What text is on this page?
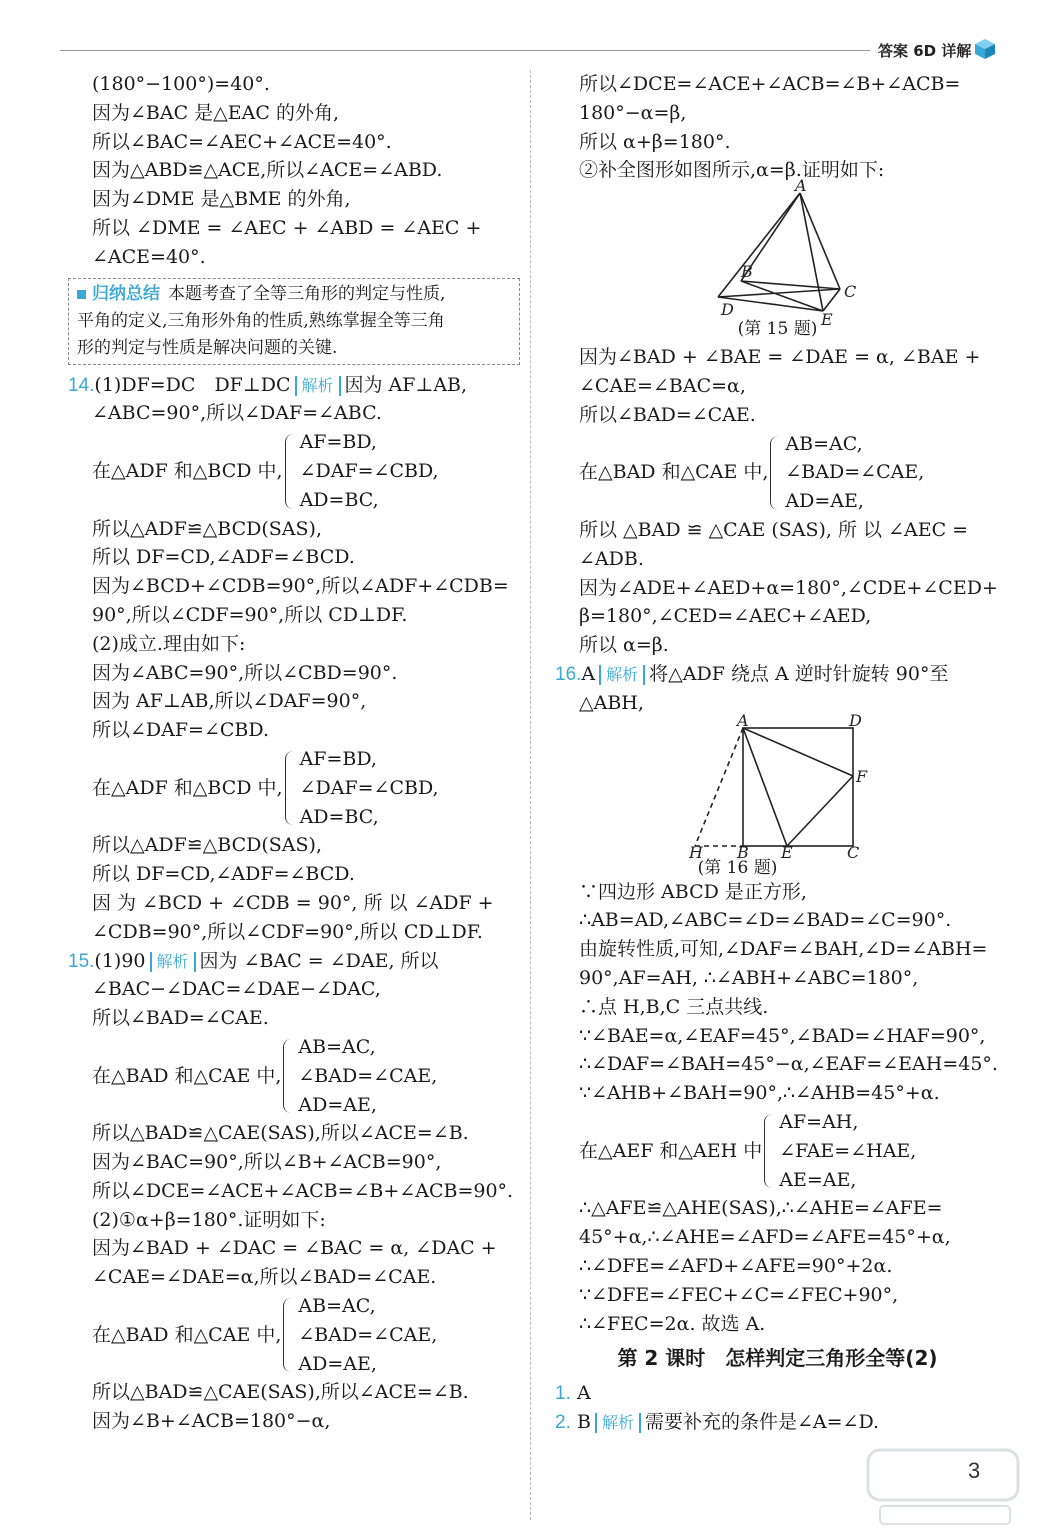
答案 6D 详解
(180°−100°)=40°.
因为∠BAC 是△EAC 的外角,
所以∠BAC=∠AEC+∠ACE=40°.
因为△ABD≌△ACE,所以∠ACE=∠ABD.
因为∠DME 是△BME 的外角,
所以 ∠DME = ∠AEC + ∠ABD = ∠AEC +
∠ACE=40°.
归纳总结 本题考查了全等三角形的判定与性质,
平角的定义,三角形外角的性质,熟练掌握全等三角
形的判定与性质是解决问题的关键.
14.(1)DF=DC　DF⊥DC 解析 因为 AF⊥AB,
∠ABC=90°,所以∠DAF=∠ABC.
在△ADF 和△BCD 中,
AF=BD,
∠DAF=∠CBD,
AD=BC,
所以△ADF≌△BCD(SAS),
所以 DF=CD,∠ADF=∠BCD.
因为∠BCD+∠CDB=90°,所以∠ADF+∠CDB=
90°,所以∠CDF=90°,所以 CD⊥DF.
(2)成立.理由如下:
因为∠ABC=90°,所以∠CBD=90°.
因为 AF⊥AB,所以∠DAF=90°,
所以∠DAF=∠CBD.
在△ADF 和△BCD 中,
AF=BD,
∠DAF=∠CBD,
AD=BC,
所以△ADF≌△BCD(SAS),
所以 DF=CD,∠ADF=∠BCD.
因 为 ∠BCD + ∠CDB = 90°, 所 以 ∠ADF +
∠CDB=90°,所以∠CDF=90°,所以 CD⊥DF.
15.(1)90 解析 因为 ∠BAC = ∠DAE, 所以
∠BAC−∠DAC=∠DAE−∠DAC,
所以∠BAD=∠CAE.
在△BAD 和△CAE 中,
AB=AC,
∠BAD=∠CAE,
AD=AE,
所以△BAD≌△CAE(SAS),所以∠ACE=∠B.
因为∠BAC=90°,所以∠B+∠ACB=90°,
所以∠DCE=∠ACE+∠ACB=∠B+∠ACB=90°.
(2)①α+β=180°.证明如下:
因为∠BAD + ∠DAC = ∠BAC = α, ∠DAC +
∠CAE=∠DAE=α,所以∠BAD=∠CAE.
在△BAD 和△CAE 中,
AB=AC,
∠BAD=∠CAE,
AD=AE,
所以△BAD≌△CAE(SAS),所以∠ACE=∠B.
因为∠B+∠ACB=180°−α,
所以∠DCE=∠ACE+∠ACB=∠B+∠ACB=
180°−α=β,
所以 α+β=180°.
②补全图形如图所示,α=β.证明如下:
A
B
C
D
E
(第 15 题)
因为∠BAD + ∠BAE = ∠DAE = α, ∠BAE +
∠CAE=∠BAC=α,
所以∠BAD=∠CAE.
在△BAD 和△CAE 中,
AB=AC,
∠BAD=∠CAE,
AD=AE,
所以 △BAD ≌ △CAE (SAS), 所 以 ∠AEC =
∠ADB.
因为∠ADE+∠AED+α=180°,∠CDE+∠CED+
β=180°,∠CED=∠AEC+∠AED,
所以 α=β.
16.A 解析 将△ADF 绕点 A 逆时针旋转 90°至
△ABH,
A	D
F
H B E	C
(第 16 题)
∵四边形 ABCD 是正方形,
∴AB=AD,∠ABC=∠D=∠BAD=∠C=90°.
由旋转性质,可知,∠DAF=∠BAH,∠D=∠ABH=
90°,AF=AH, ∴∠ABH+∠ABC=180°,
∴点 H,B,C 三点共线.
∵∠BAE=α,∠EAF=45°,∠BAD=∠HAF=90°,
∴∠DAF=∠BAH=45°−α,∠EAF=∠EAH=45°.
∵∠AHB+∠BAH=90°,∴∠AHB=45°+α.
在△AEF 和△AEH 中
AF=AH,
∠FAE=∠HAE,
AE=AE,
∴△AFE≌△AHE(SAS),∴∠AHE=∠AFE=
45°+α,∴∠AHE=∠AFD=∠AFE=45°+α,
∴∠DFE=∠AFD+∠AFE=90°+2α.
∵∠DFE=∠FEC+∠C=∠FEC+90°,
∴∠FEC=2α. 故选 A.
第 2 课时　怎样判定三角形全等(2)
1. A
2. B 解析 需要补充的条件是∠A=∠D.
3
